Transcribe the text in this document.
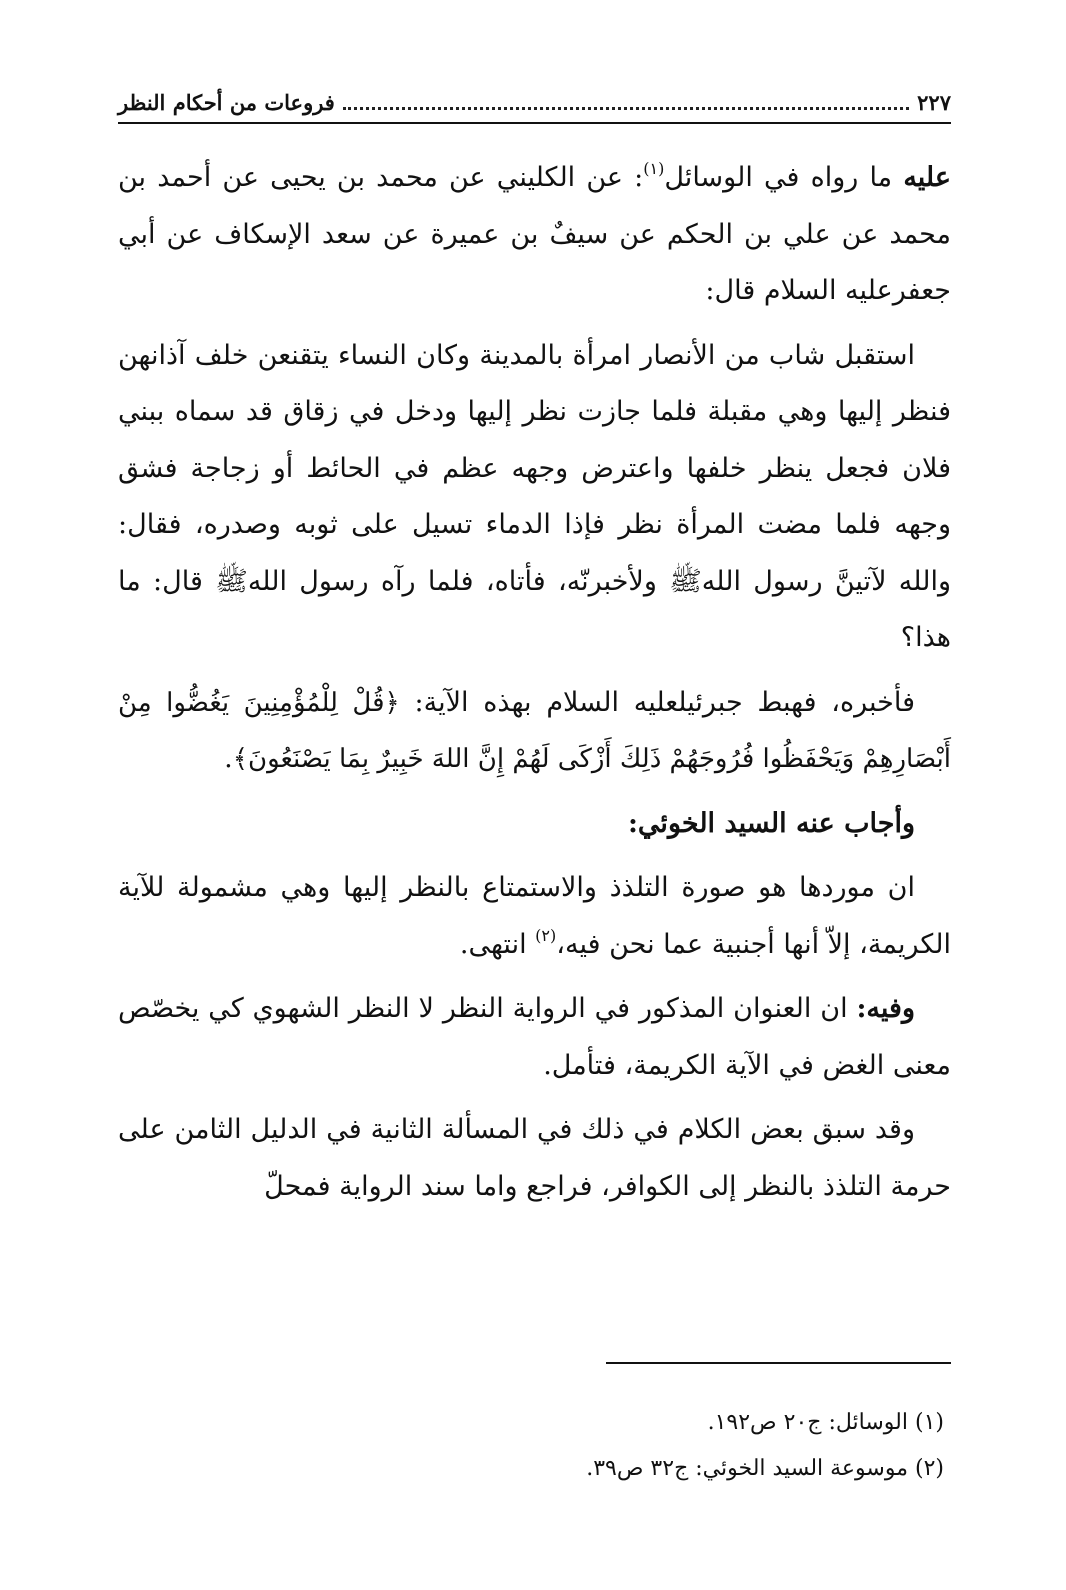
٢٢٧
فروعات من أحكام النظر

عليه ما رواه في الوسائل$^{(١)}$: عن الكليني عن محمد بن يحيى عن أحمد بن محمد عن علي بن الحكم عن سيفٌ بن عميرة عن سعد الإسكاف عن أبي جعفرعليه السلام قال:

استقبل شاب من الأنصار امرأة بالمدينة وكان النساء يتقنعن خلف آذانهن فنظر إليها وهي مقبلة فلما جازت نظر إليها ودخل في زقاق قد سماه ببني فلان فجعل ينظر خلفها واعترض وجهه عظم في الحائط أو زجاجة فشق وجهه فلما مضت المرأة نظر فإذا الدماء تسيل على ثوبه وصدره، فقال: والله لآتينَّ رسول اللهﷺ ولأخبرنّه، فأتاه، فلما رآه رسول اللهﷺ قال: ما هذا؟

فأخبره، فهبط جبرئيلعليه السلام بهذه الآية: ﴿قُلْ لِلْمُؤْمِنِينَ يَغُضُّوا مِنْ أَبْصَارِهِمْ وَيَحْفَظُوا فُرُوجَهُمْ ذَلِكَ أَزْكَى لَهُمْ إِنَّ اللهَ خَبِيرٌ بِمَا يَصْنَعُونَ﴾.

وأجاب عنه السيد الخوئي:

ان موردها هو صورة التلذذ والاستمتاع بالنظر إليها وهي مشمولة للآية الكريمة، إلاّ أنها أجنبية عما نحن فيه،$^{(٢)}$ انتهى.

وفيه: ان العنوان المذكور في الرواية النظر لا النظر الشهوي كي يخصّص معنى الغض في الآية الكريمة، فتأمل.

وقد سبق بعض الكلام في ذلك في المسألة الثانية في الدليل الثامن على حرمة التلذذ بالنظر إلى الكوافر، فراجع واما سند الرواية فمحلّ

(١) الوسائل: ج٢٠ ص١٩٢.

(٢) موسوعة السيد الخوئي: ج٣٢ ص٣٩.
